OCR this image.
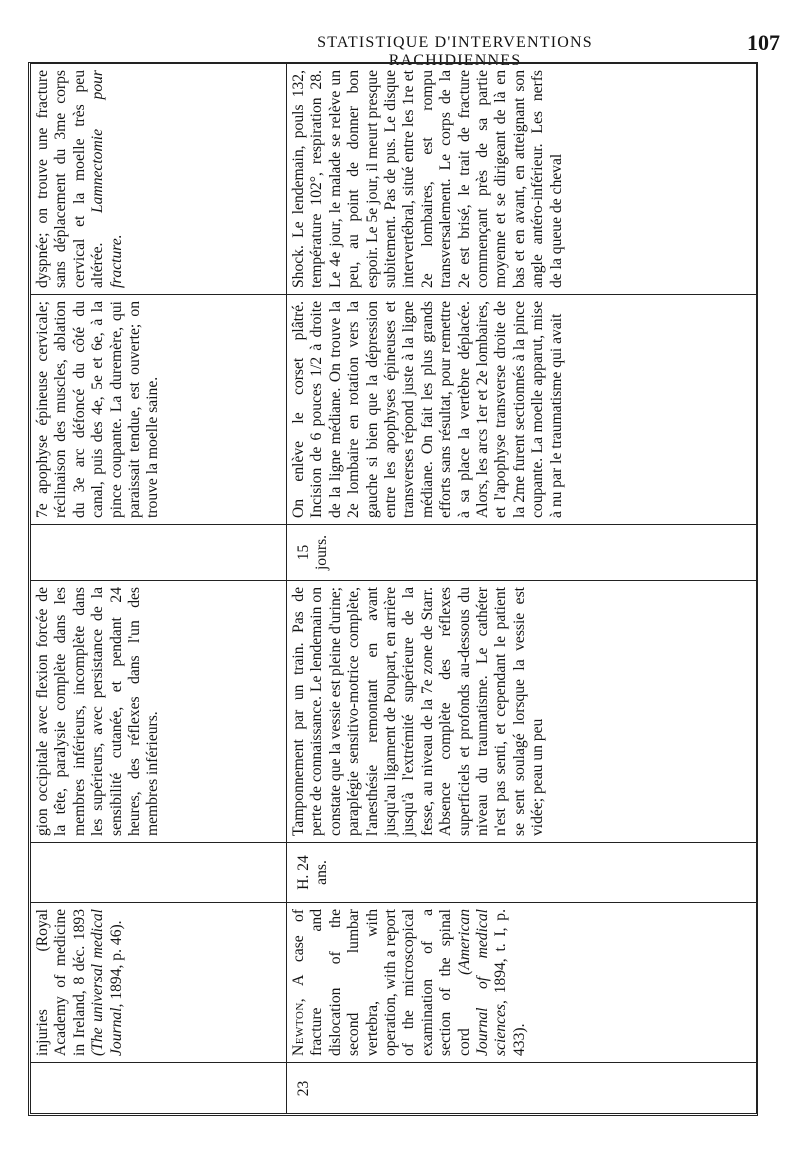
STATISTIQUE D'INTERVENTIONS RACHIDIENNES
107
injuries (Royal Academy of medicine in Ireland, 8 déc. 1893 (The universal medical Journal, 1894, p. 46).
gion occipitale avec flexion forcée de la tête, paralysie complète dans les membres inférieurs, incomplète dans les supérieurs, avec persistance de la sensibilité cutanée, et pendant 24 heures, des réflexes dans l'un des membres inférieurs.
7e apophyse épineuse cervicale; réclinaison des muscles, ablation du 3e arc défoncé du côté du canal, puis des 4e, 5e et 6e, à la pince coupante. La duremère, qui paraissait tendue, est ouverte; on trouve la moelle saine.
dyspnée; on trouve une fracture sans déplacement du 3me corps cervical et la moelle très peu altérée. Lamnectomie pour fracture.
23
Newton, A case of fracture and dislocation of the second lumbar vertebra, with operation, with a report of the microscopical examination of a section of the spinal cord (American Journal of medical sciences, 1894, t. I, p. 433).
H. 24 ans.
Tamponnement par un train. Pas de perte de connaissance. Le lendemain on constate que la vessie est pleine d'urine; paraplégie sensitivo-motrice complète, l'anesthésie remontant en avant jusqu'au ligament de Poupart, en arrière jusqu'à l'extrémité supérieure de la fesse, au niveau de la 7e zone de Starr. Absence complète des réflexes superficiels et profonds au-dessous du niveau du traumatisme. Le cathéter n'est pas senti, et cependant le patient se sent soulagé lorsque la vessie est vidée; peau un peu
15 jours.
On enlève le corset plâtré. Incision de 6 pouces 1/2 à droite de la ligne médiane. On trouve la 2e lombaire en rotation vers la gauche si bien que la dépression entre les apophyses épineuses et transverses répond juste à la ligne médiane. On fait les plus grands efforts sans résultat, pour remettre à sa place la vertèbre déplacée. Alors, les arcs 1er et 2e lombaires, et l'apophyse transverse droite de la 2me furent sectionnés à la pince coupante. La moelle apparut, mise à nu par le traumatisme qui avait
Shock. Le lendemain, pouls 132, température 102°, respiration 28. Le 4e jour, le malade se relève un peu, au point de donner bon espoir. Le 5e jour, il meurt presque subitement. Pas de pus. Le disque intervertébral, situé entre les 1re et 2e lombaires, est rompu transversalement. Le corps de la 2e est brisé, le trait de fracture commençant près de sa partie moyenne et se dirigeant de là en bas et en avant, en atteignant son angle antéro-inférieur. Les nerfs de la queue de cheval
